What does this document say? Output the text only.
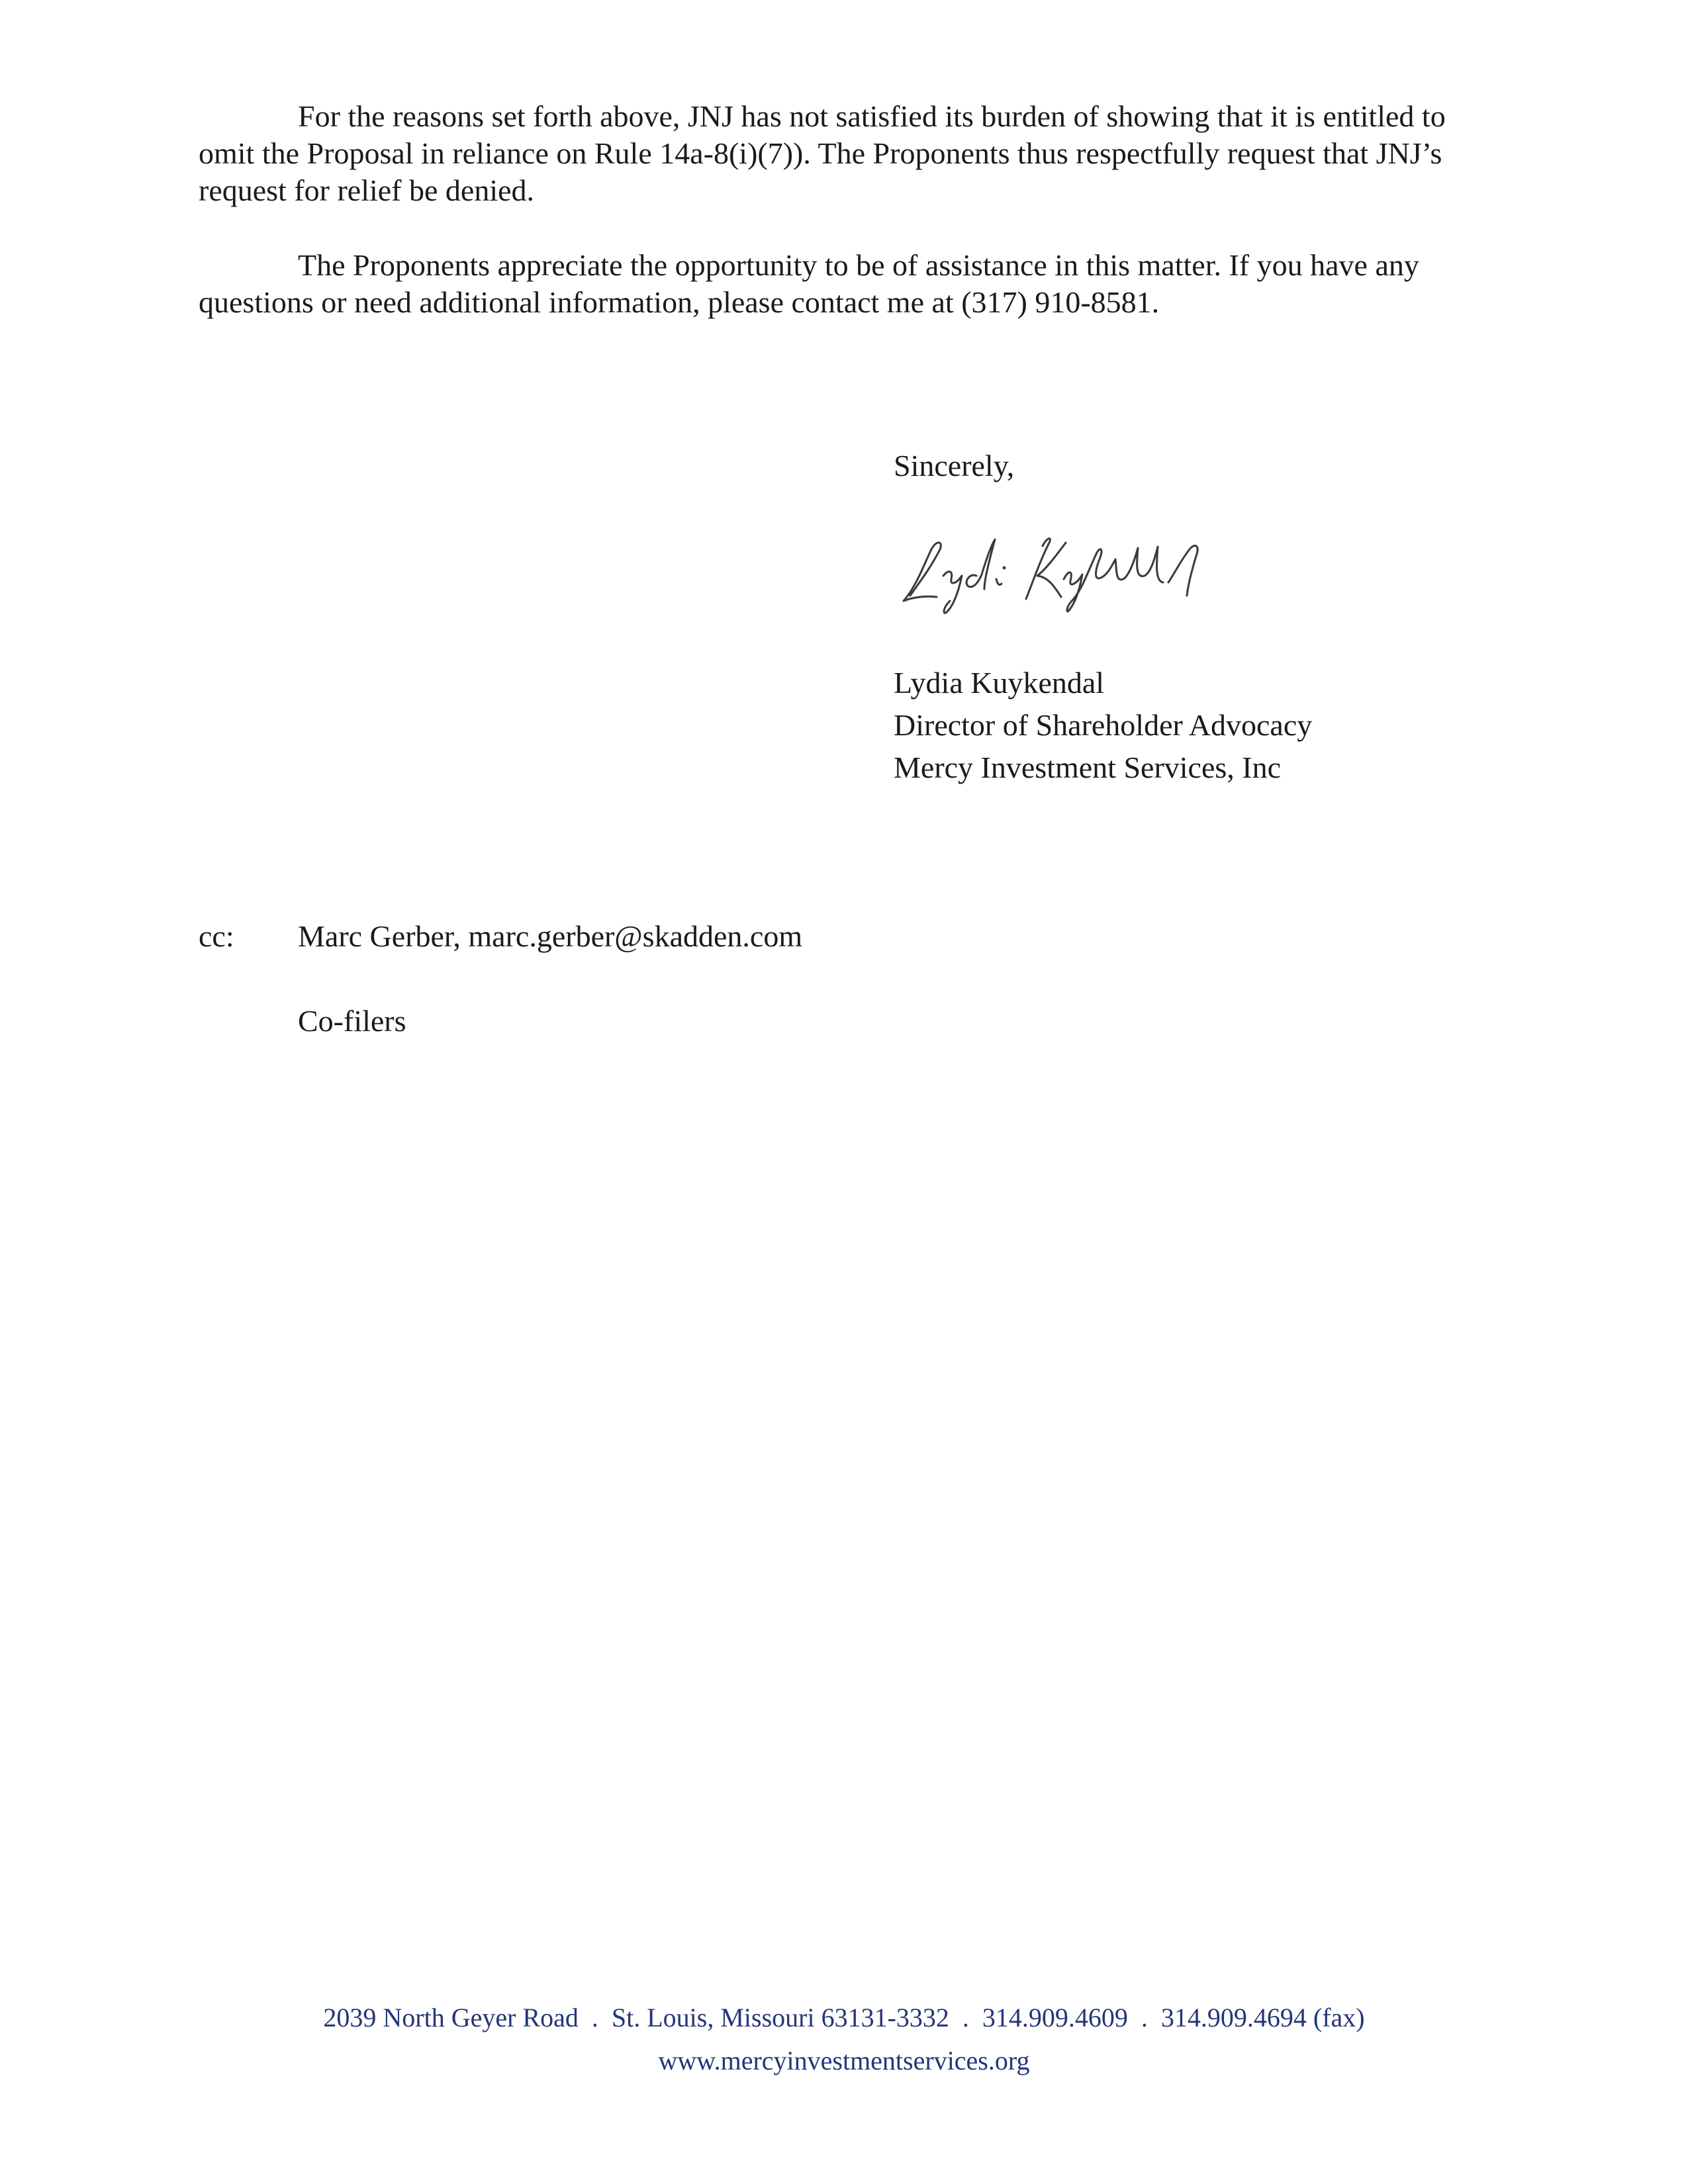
For the reasons set forth above, JNJ has not satisfied its burden of showing that it is entitled to omit the Proposal in reliance on Rule 14a-8(i)(7)). The Proponents thus respectfully request that JNJ’s request for relief be denied.

The Proponents appreciate the opportunity to be of assistance in this matter. If you have any questions or need additional information, please contact me at (317) 910-8581.

Sincerely,
Lydia Kuykendal
Director of Shareholder Advocacy
Mercy Investment Services, Inc
cc: Marc Gerber, marc.gerber@skadden.com
Co-filers
2039 North Geyer Road  .  St. Louis, Missouri 63131-3332  .  314.909.4609  .  314.909.4694 (fax)
www.mercyinvestmentservices.org
